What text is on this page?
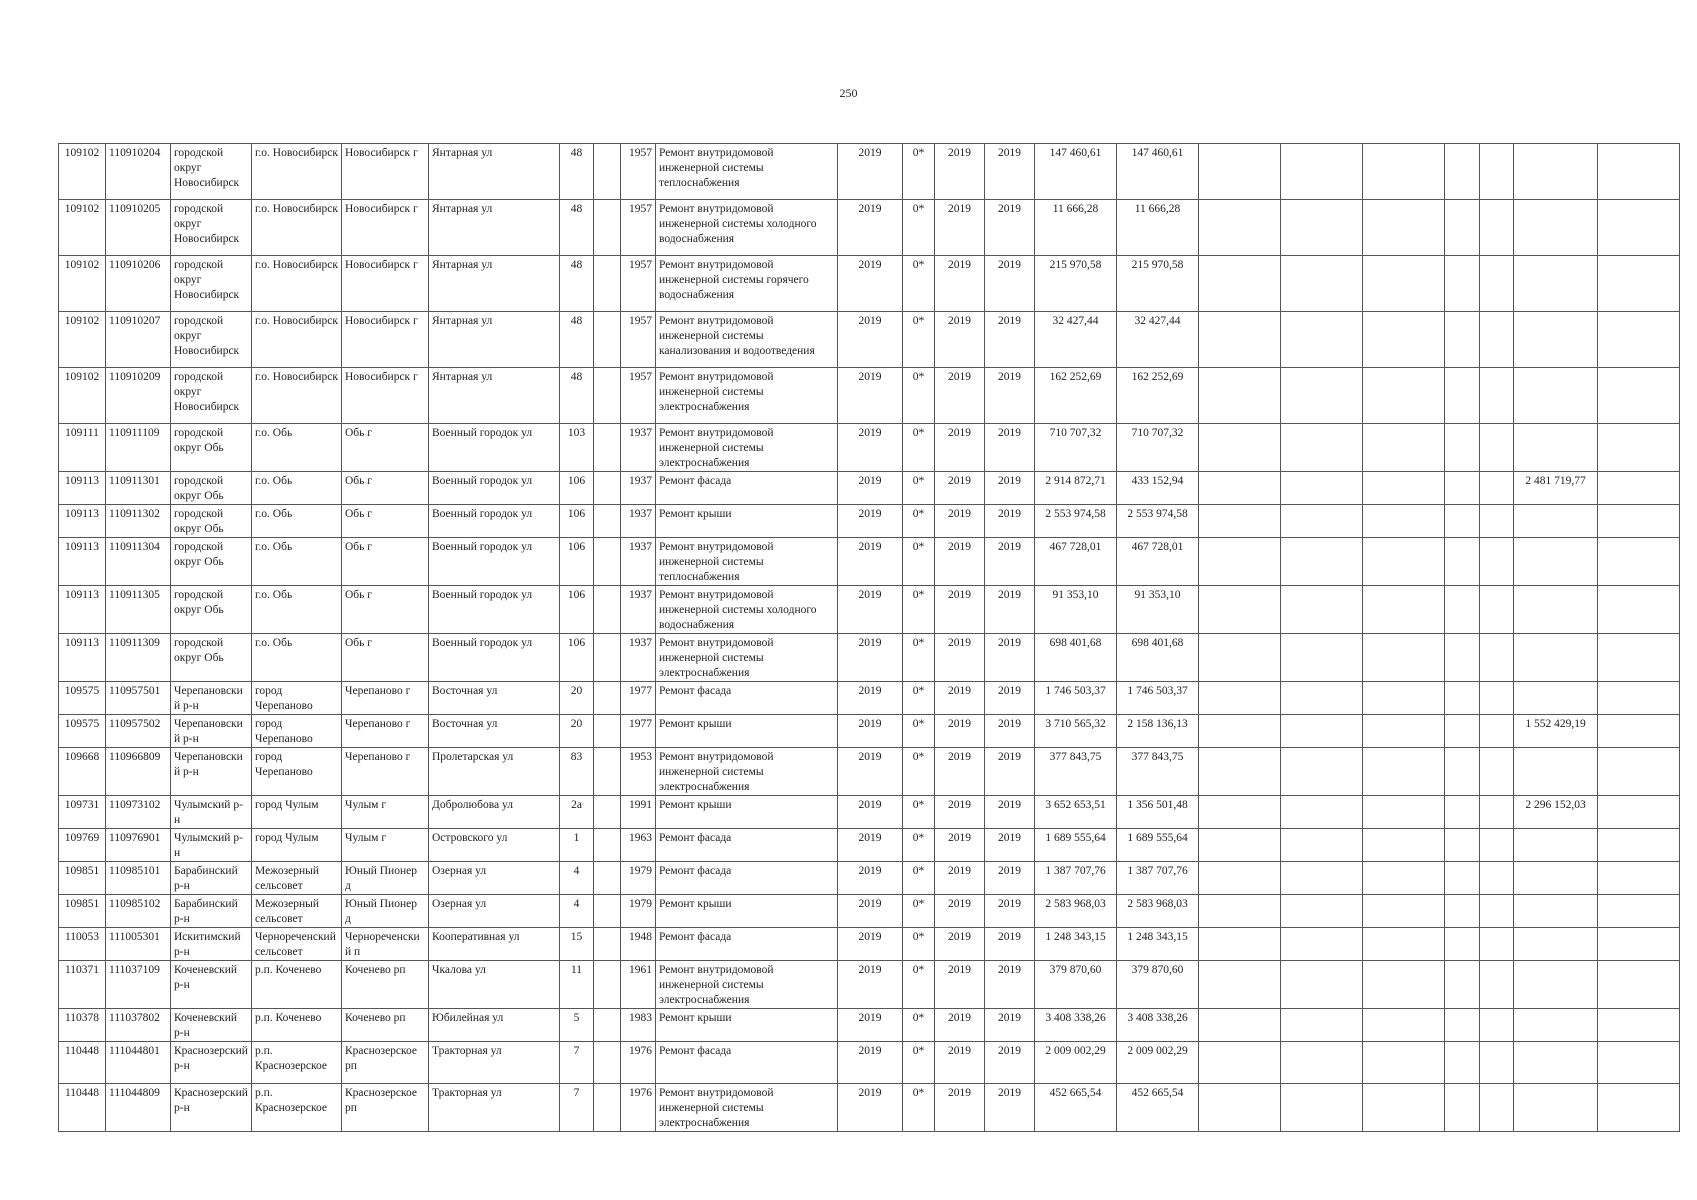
250
109102	110910204	городской округ Новосибирск	г.о. Новосибирск	Новосибирск г	Янтарная ул	48		1957	Ремонт внутридомовой инженерной системы теплоснабжения	2019	0*	2019	2019	147 460,61	147 460,61							
109102	110910205	городской округ Новосибирск	г.о. Новосибирск	Новосибирск г	Янтарная ул	48		1957	Ремонт внутридомовой инженерной системы холодного водоснабжения	2019	0*	2019	2019	11 666,28	11 666,28							
109102	110910206	городской округ Новосибирск	г.о. Новосибирск	Новосибирск г	Янтарная ул	48		1957	Ремонт внутридомовой инженерной системы горячего водоснабжения	2019	0*	2019	2019	215 970,58	215 970,58							
109102	110910207	городской округ Новосибирск	г.о. Новосибирск	Новосибирск г	Янтарная ул	48		1957	Ремонт внутридомовой инженерной системы канализования и водоотведения	2019	0*	2019	2019	32 427,44	32 427,44							
109102	110910209	городской округ Новосибирск	г.о. Новосибирск	Новосибирск г	Янтарная ул	48		1957	Ремонт внутридомовой инженерной системы электроснабжения	2019	0*	2019	2019	162 252,69	162 252,69							
109111	110911109	городской округ Обь	г.о. Обь	Обь г	Военный городок ул	103		1937	Ремонт внутридомовой инженерной системы электроснабжения	2019	0*	2019	2019	710 707,32	710 707,32							
109113	110911301	городской округ Обь	г.о. Обь	Обь г	Военный городок ул	106		1937	Ремонт фасада	2019	0*	2019	2019	2 914 872,71	433 152,94						2 481 719,77	
109113	110911302	городской округ Обь	г.о. Обь	Обь г	Военный городок ул	106		1937	Ремонт крыши	2019	0*	2019	2019	2 553 974,58	2 553 974,58							
109113	110911304	городской округ Обь	г.о. Обь	Обь г	Военный городок ул	106		1937	Ремонт внутридомовой инженерной системы теплоснабжения	2019	0*	2019	2019	467 728,01	467 728,01							
109113	110911305	городской округ Обь	г.о. Обь	Обь г	Военный городок ул	106		1937	Ремонт внутридомовой инженерной системы холодного водоснабжения	2019	0*	2019	2019	91 353,10	91 353,10							
109113	110911309	городской округ Обь	г.о. Обь	Обь г	Военный городок ул	106		1937	Ремонт внутридомовой инженерной системы электроснабжения	2019	0*	2019	2019	698 401,68	698 401,68							
109575	110957501	Черепановский р-н	город Черепаново	Черепаново г	Восточная ул	20		1977	Ремонт фасада	2019	0*	2019	2019	1 746 503,37	1 746 503,37							
109575	110957502	Черепановский р-н	город Черепаново	Черепаново г	Восточная ул	20		1977	Ремонт крыши	2019	0*	2019	2019	3 710 565,32	2 158 136,13						1 552 429,19	
109668	110966809	Черепановский р-н	город Черепаново	Черепаново г	Пролетарская ул	83		1953	Ремонт внутридомовой инженерной системы электроснабжения	2019	0*	2019	2019	377 843,75	377 843,75							
109731	110973102	Чулымский р-н	город Чулым	Чулым г	Добролюбова ул	2а		1991	Ремонт крыши	2019	0*	2019	2019	3 652 653,51	1 356 501,48						2 296 152,03	
109769	110976901	Чулымский р-н	город Чулым	Чулым г	Островского ул	1		1963	Ремонт фасада	2019	0*	2019	2019	1 689 555,64	1 689 555,64							
109851	110985101	Барабинский р-н	Межозерный сельсовет	Юный Пионер д	Озерная ул	4		1979	Ремонт фасада	2019	0*	2019	2019	1 387 707,76	1 387 707,76							
109851	110985102	Барабинский р-н	Межозерный сельсовет	Юный Пионер д	Озерная ул	4		1979	Ремонт крыши	2019	0*	2019	2019	2 583 968,03	2 583 968,03							
110053	111005301	Искитимский р-н	Чернореченский сельсовет	Чернореченский п	Кооперативная ул	15		1948	Ремонт фасада	2019	0*	2019	2019	1 248 343,15	1 248 343,15							
110371	111037109	Коченевский р-н	р.п. Коченево	Коченево рп	Чкалова ул	11		1961	Ремонт внутридомовой инженерной системы электроснабжения	2019	0*	2019	2019	379 870,60	379 870,60							
110378	111037802	Коченевский р-н	р.п. Коченево	Коченево рп	Юбилейная ул	5		1983	Ремонт крыши	2019	0*	2019	2019	3 408 338,26	3 408 338,26							
110448	111044801	Краснозерский р-н	р.п. Краснозерское	Краснозерское рп	Тракторная ул	7		1976	Ремонт фасада	2019	0*	2019	2019	2 009 002,29	2 009 002,29							
110448	111044809	Краснозерский р-н	р.п. Краснозерское	Краснозерское рп	Тракторная ул	7		1976	Ремонт внутридомовой инженерной системы электроснабжения	2019	0*	2019	2019	452 665,54	452 665,54							
